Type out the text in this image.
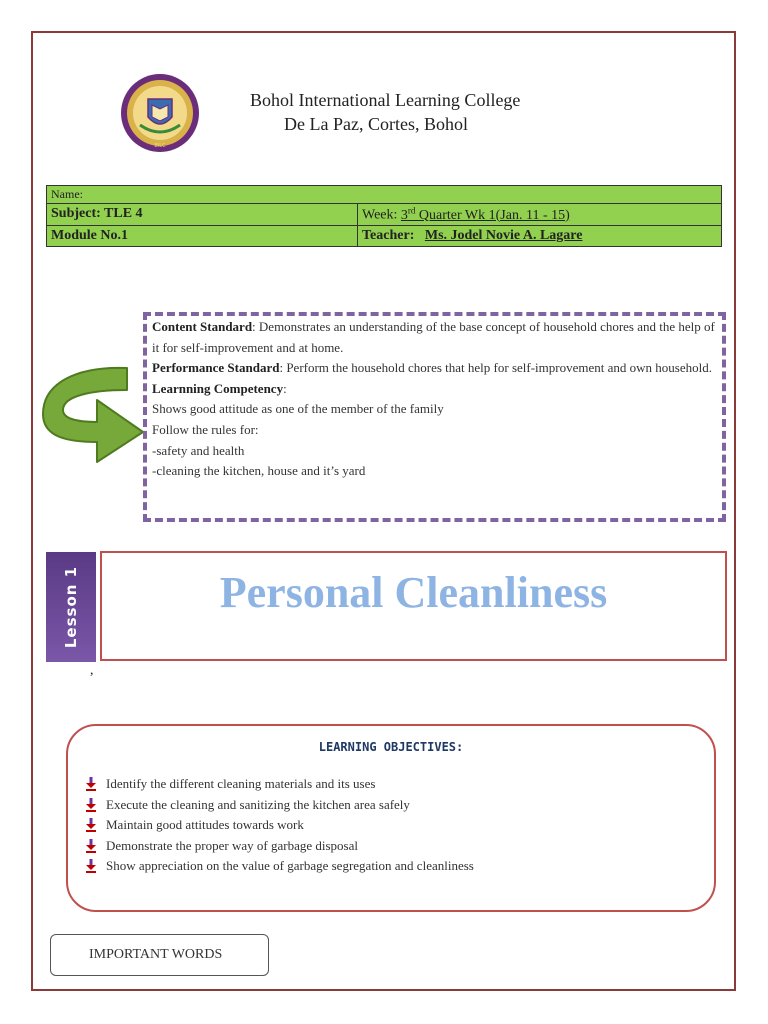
BILC
Bohol International Learning College
De La Paz, Cortes, Bohol
Name:	
Subject: TLE 4	Week: 3rd Quarter Wk 1(Jan. 11 - 15)
Module No.1	Teacher: Ms. Jodel Novie A. Lagare
Content Standard: Demonstrates an understanding of the base concept of household chores and the help of it for self-improvement and at home.
Performance Standard: Perform the household chores that help for self-improvement and own household.
Learnning Competency:
Shows good attitude as one of the member of the family
Follow the rules for:
-safety and health
-cleaning the kitchen, house and it’s yard
Lesson 1	Personal Cleanliness
,
LEARNING OBJECTIVES:
Identify the different cleaning materials and its uses
Execute the cleaning and sanitizing the kitchen area safely
Maintain good attitudes towards work
Demonstrate the proper way of garbage disposal
Show appreciation on the value of garbage segregation and cleanliness
IMPORTANT WORDS
